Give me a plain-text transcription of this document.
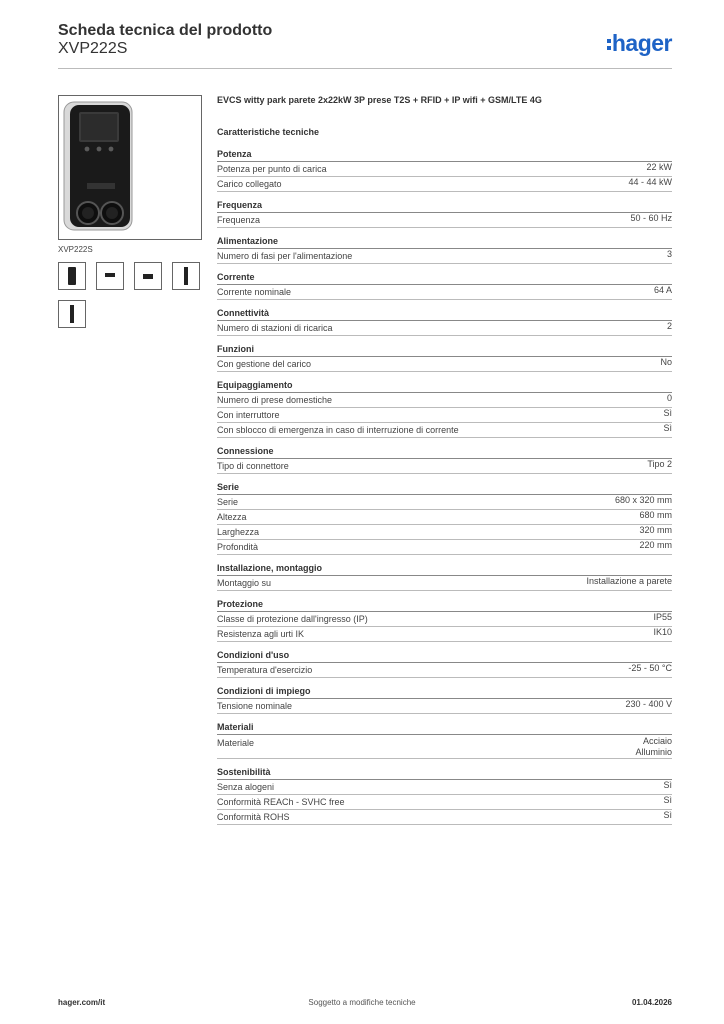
Scheda tecnica del prodotto
XVP222S	hager
XVP222S
EVCS witty park parete 2x22kW 3P prese T2S + RFID + IP wifi + GSM/LTE 4G
Caratteristiche tecniche
Potenza
Potenza per punto di carica	22 kW
Carico collegato	44 - 44 kW
Frequenza
Frequenza	50 - 60 Hz
Alimentazione
Numero di fasi per l'alimentazione	3
Corrente
Corrente nominale	64 A
Connettività
Numero di stazioni di ricarica	2
Funzioni
Con gestione del carico	No
Equipaggiamento
Numero di prese domestiche	0
Con interruttore	Sì
Con sblocco di emergenza in caso di interruzione di corrente	Sì
Connessione
Tipo di connettore	Tipo 2
Serie
Serie	680 x 320 mm
Altezza	680 mm
Larghezza	320 mm
Profondità	220 mm
Installazione, montaggio
Montaggio su	Installazione a parete
Protezione
Classe di protezione dall'ingresso (IP)	IP55
Resistenza agli urti IK	IK10
Condizioni d'uso
Temperatura d'esercizio	-25 - 50 °C
Condizioni di impiego
Tensione nominale	230 - 400 V
Materiali
Materiale	Acciaio
Alluminio
Sostenibilità
Senza alogeni	Sì
Conformità REACh - SVHC free	Sì
Conformità ROHS	Sì
hager.com/it	Soggetto a modifiche tecniche	01.04.2026
